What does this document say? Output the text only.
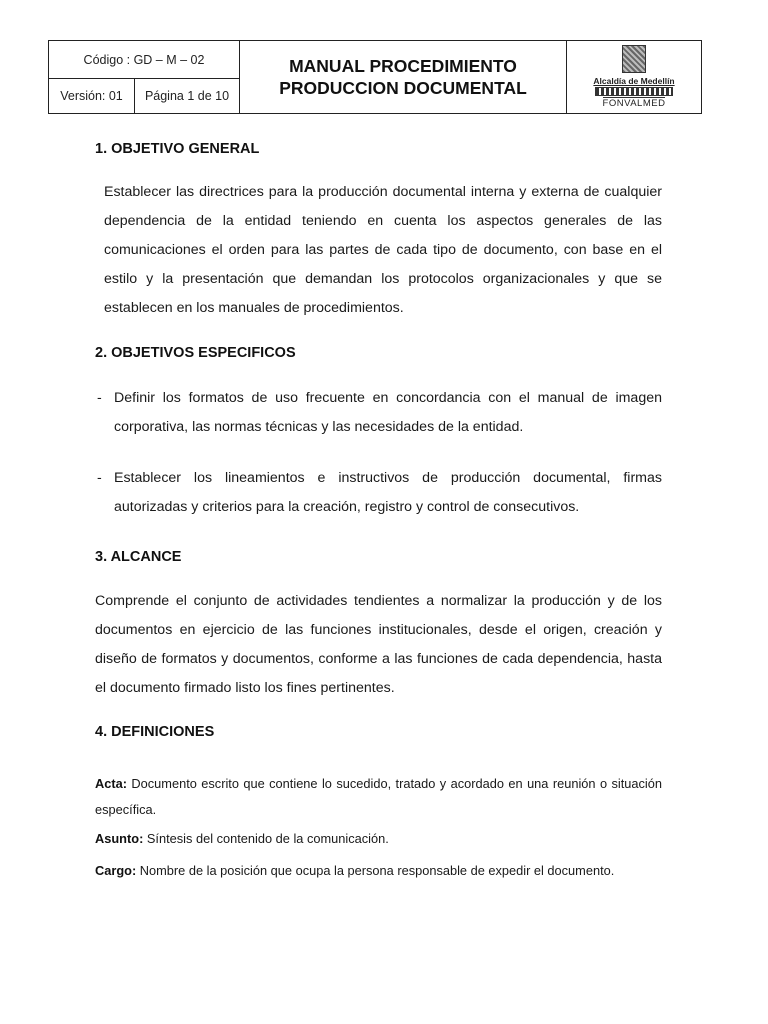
Código : GD – M – 02
Versión: 01	Página 1 de 10
MANUAL PROCEDIMIENTO
PRODUCCION DOCUMENTAL	Alcaldía de Medellín
FONVALMED
1. OBJETIVO GENERAL
Establecer las directrices para la producción documental interna y externa de cualquier dependencia de la entidad teniendo en cuenta los aspectos generales de las comunicaciones el orden para las partes de cada tipo de documento, con base en el estilo y la presentación que demandan los protocolos organizacionales y que se establecen en los manuales de procedimientos.
2. OBJETIVOS ESPECIFICOS
- Definir los formatos de uso frecuente en concordancia con el manual de imagen corporativa, las normas técnicas y las necesidades de la entidad.
- Establecer los lineamientos e instructivos de producción documental, firmas autorizadas y criterios para la creación, registro y control de consecutivos.
3. ALCANCE
Comprende el conjunto de actividades tendientes a normalizar la producción y de los documentos en ejercicio de las funciones institucionales, desde el origen, creación y diseño de formatos y documentos, conforme a las funciones de cada dependencia, hasta el documento firmado listo los fines pertinentes.
4. DEFINICIONES
Acta: Documento escrito que contiene lo sucedido, tratado y acordado en una reunión o situación específica.
Asunto: Síntesis del contenido de la comunicación.
Cargo: Nombre de la posición que ocupa la persona responsable de expedir el documento.
